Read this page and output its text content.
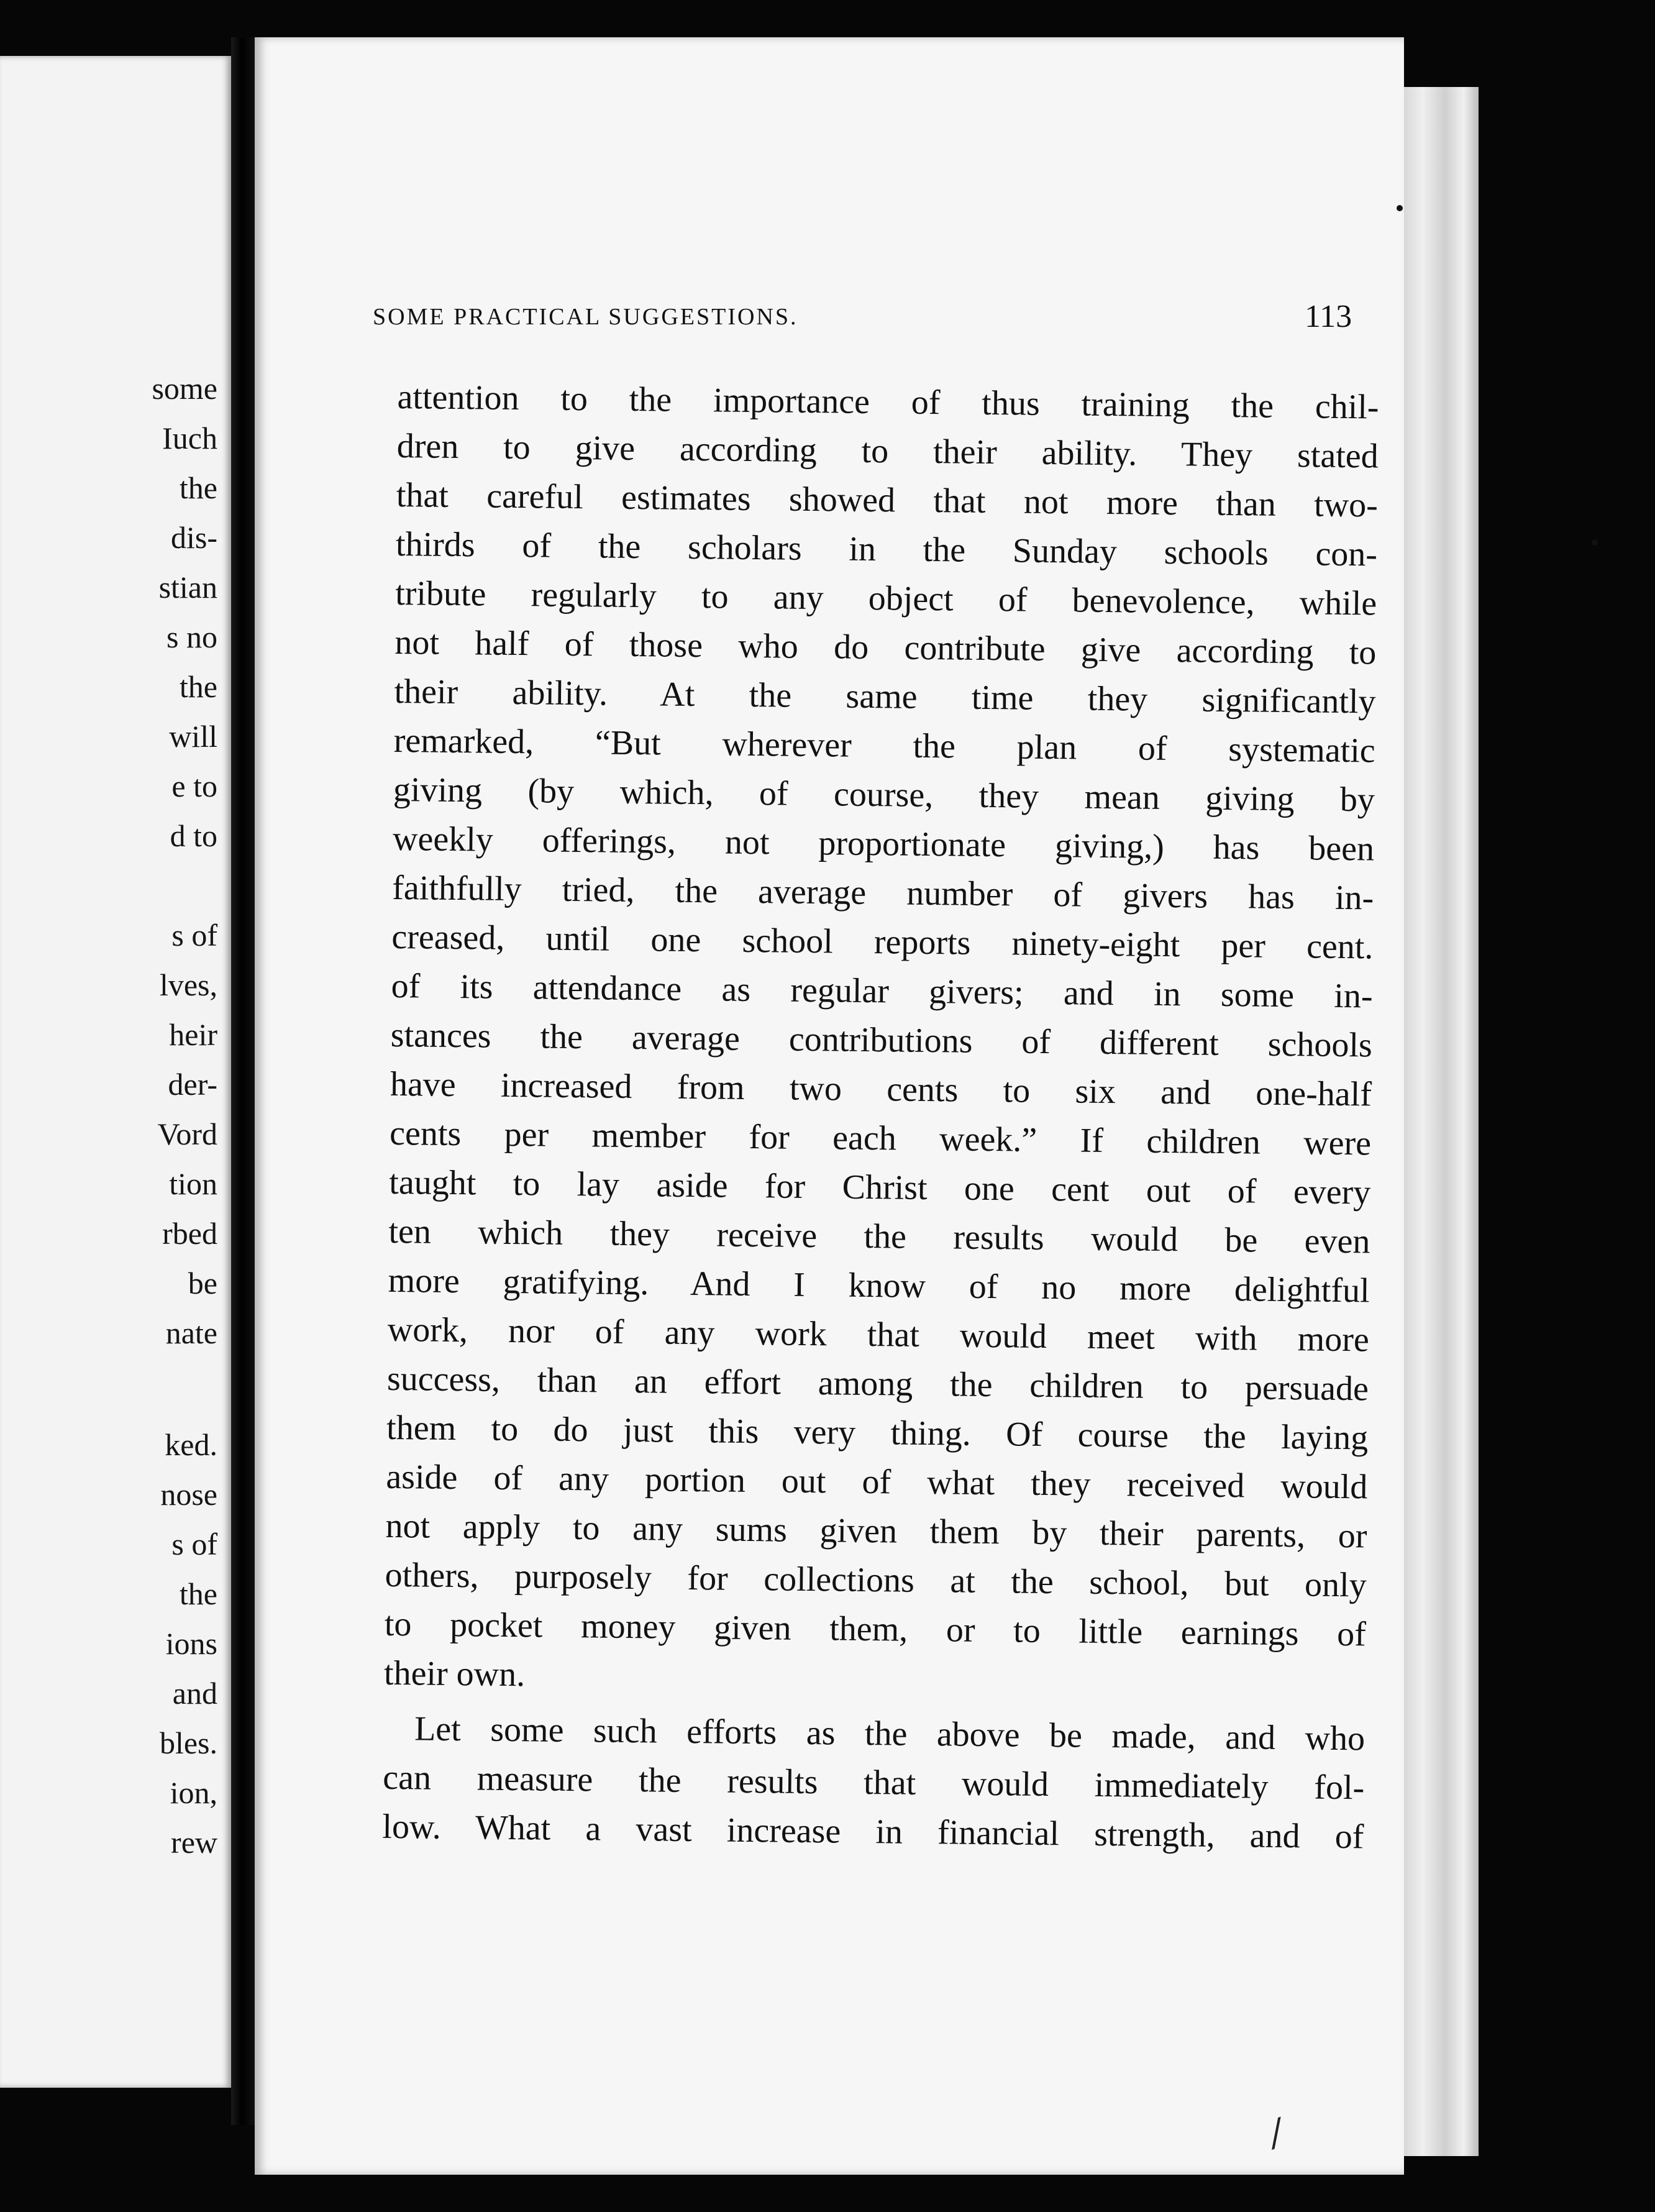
some
Iuch
the
dis-
stian
s no
the
will
e to
d to
s of
lves,
heir
der-
Vord
tion
rbed
be
nate
ked.
nose
s of
the
ions
and
bles.
ion,
rew
SOME PRACTICAL SUGGESTIONS.	113
attention to the importance of thus training the chil-
dren to give according to their ability. They stated
that careful estimates showed that not more than two-
thirds of the scholars in the Sunday schools con-
tribute regularly to any object of benevolence, while
not half of those who do contribute give according to
their ability. At the same time they significantly
remarked, “But wherever the plan of systematic
giving (by which, of course, they mean giving by
weekly offerings, not proportionate giving,) has been
faithfully tried, the average number of givers has in-
creased, until one school reports ninety-eight per cent.
of its attendance as regular givers; and in some in-
stances the average contributions of different schools
have increased from two cents to six and one-half
cents per member for each week.” If children were
taught to lay aside for Christ one cent out of every
ten which they receive the results would be even
more gratifying. And I know of no more delightful
work, nor of any work that would meet with more
success, than an effort among the children to persuade
them to do just this very thing. Of course the laying
aside of any portion out of what they received would
not apply to any sums given them by their parents, or
others, purposely for collections at the school, but only
to pocket money given them, or to little earnings of
their own.
Let some such efforts as the above be made, and who
can measure the results that would immediately fol-
low. What a vast increase in financial strength, and of
⁄
